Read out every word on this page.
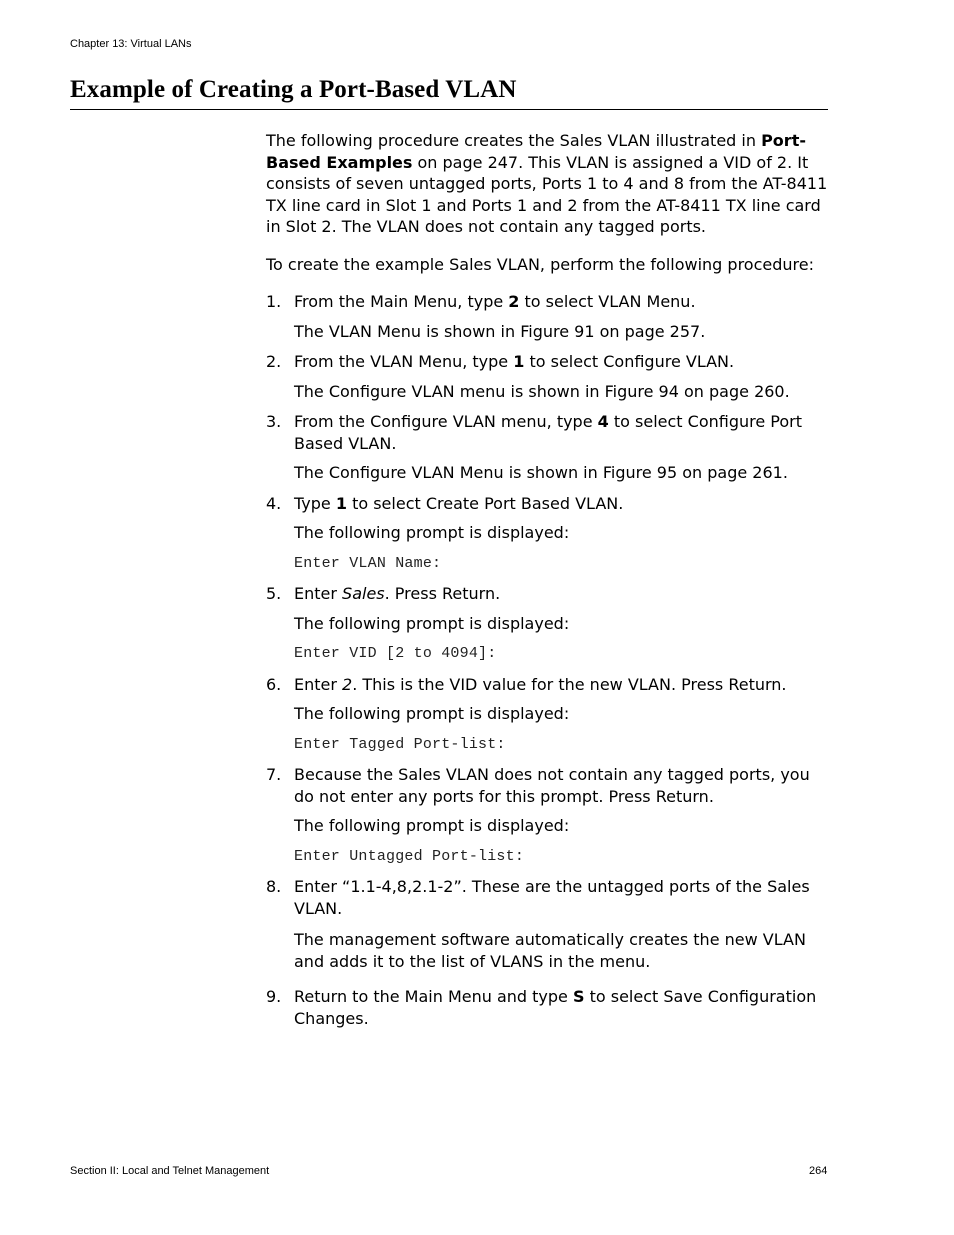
Chapter 13: Virtual LANs
Example of Creating a Port-Based VLAN

The following procedure creates the Sales VLAN illustrated in Port-Based Examples on page 247. This VLAN is assigned a VID of 2. It consists of seven untagged ports, Ports 1 to 4 and 8 from the AT-8411 TX line card in Slot 1 and Ports 1 and 2 from the AT-8411 TX line card in Slot 2. The VLAN does not contain any tagged ports.

To create the example Sales VLAN, perform the following procedure:

1. From the Main Menu, type 2 to select VLAN Menu.

The VLAN Menu is shown in Figure 91 on page 257.

2. From the VLAN Menu, type 1 to select Configure VLAN.

The Configure VLAN menu is shown in Figure 94 on page 260.

3. From the Configure VLAN menu, type 4 to select Configure Port Based VLAN.

The Configure VLAN Menu is shown in Figure 95 on page 261.

4. Type 1 to select Create Port Based VLAN.

The following prompt is displayed:

Enter VLAN Name:

5. Enter Sales. Press Return.

The following prompt is displayed:

Enter VID [2 to 4094]:

6. Enter 2. This is the VID value for the new VLAN. Press Return.

The following prompt is displayed:

Enter Tagged Port-list:

7. Because the Sales VLAN does not contain any tagged ports, you do not enter any ports for this prompt. Press Return.

The following prompt is displayed:

Enter Untagged Port-list:

8. Enter “1.1-4,8,2.1-2”. These are the untagged ports of the Sales VLAN.

The management software automatically creates the new VLAN and adds it to the list of VLANS in the menu.

9. Return to the Main Menu and type S to select Save Configuration Changes.
Section II: Local and Telnet Management	264
